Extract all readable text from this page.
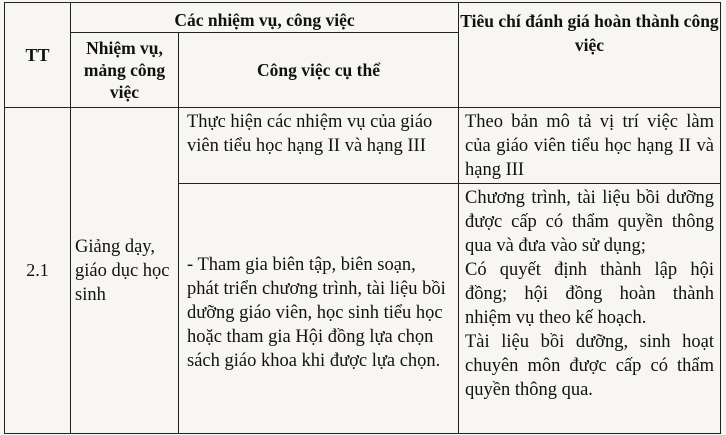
TT	Các nhiệm vụ, công việc		Tiêu chí đánh giá hoàn thành công việc
	Nhiệm vụ, mảng công việc	Công việc cụ thể	
2.1	Giảng dạy, giáo dục học sinh	Thực hiện các nhiệm vụ của giáo viên tiểu học hạng II và hạng III	Theo bản mô tả vị trí việc làm của giáo viên tiểu học hạng II và hạng III
		- Tham gia biên tập, biên soạn, phát triển chương trình, tài liệu bồi dưỡng giáo viên, học sinh tiểu học hoặc tham gia Hội đồng lựa chọn sách giáo khoa khi được lựa chọn.	Chương trình, tài liệu bồi dưỡng được cấp có thẩm quyền thông qua và đưa vào sử dụng;
Có quyết định thành lập hội đồng; hội đồng hoàn thành nhiệm vụ theo kế hoạch.
Tài liệu bồi dưỡng, sinh hoạt chuyên môn được cấp có thẩm quyền thông qua.
